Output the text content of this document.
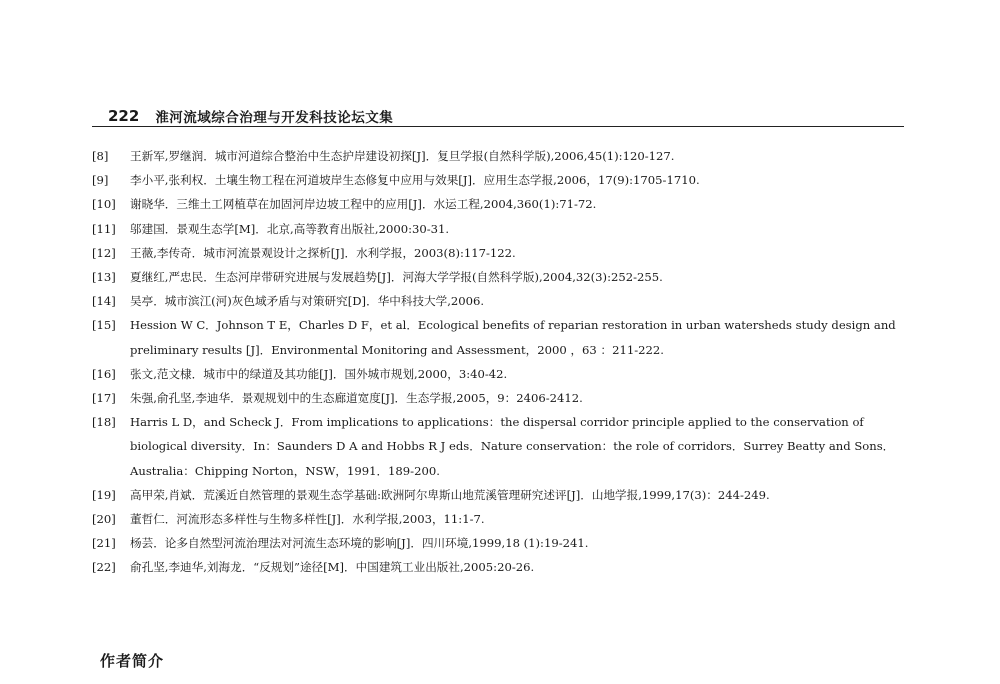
222 淮河流域综合治理与开发科技论坛文集
[8]	王新军,罗继润．城市河道综合整治中生态护岸建设初探[J]．复旦学报(自然科学版),2006,45(1):120-127.
[9]	李小平,张利权．土壤生物工程在河道坡岸生态修复中应用与效果[J]．应用生态学报,2006，17(9):1705-1710.
[10]	谢晓华．三维土工网植草在加固河岸边坡工程中的应用[J]．水运工程,2004,360(1):71-72.
[11]	邬建国．景观生态学[M]．北京,高等教育出版社,2000:30-31.
[12]	王薇,李传奇．城市河流景观设计之探析[J]．水利学报，2003(8):117-122.
[13]	夏继红,严忠民．生态河岸带研究进展与发展趋势[J]．河海大学学报(自然科学版),2004,32(3):252-255.
[14]	吴亭．城市滨江(河)灰色域矛盾与对策研究[D]．华中科技大学,2006.
[15]	Hession W C．Johnson T E，Charles D F，et al．Ecological benefits of reparian restoration in urban watersheds study design and preliminary results [J]．Environmental Monitoring and Assessment，2000 ，63 ：211-222.
[16]	张文,范文棣．城市中的绿道及其功能[J]．国外城市规划,2000，3:40-42.
[17]	朱强,俞孔坚,李迪华．景观规划中的生态廊道宽度[J]．生态学报,2005，9：2406-2412.
[18]	Harris L D，and Scheck J．From implications to applications：the dispersal corridor principle applied to the conservation of biological diversity．In：Saunders D A and Hobbs R J eds．Nature conservation：the role of corridors．Surrey Beatty and Sons．Australia：Chipping Norton，NSW，1991．189-200.
[19]	高甲荣,肖斌．荒溪近自然管理的景观生态学基础:欧洲阿尔卑斯山地荒溪管理研究述评[J]．山地学报,1999,17(3)：244-249.
[20]	董哲仁．河流形态多样性与生物多样性[J]．水利学报,2003，11:1-7.
[21]	杨芸．论多自然型河流治理法对河流生态环境的影响[J]．四川环境,1999,18 (1):19-241.
[22]	俞孔坚,李迪华,刘海龙．“反规划”途径[M]．中国建筑工业出版社,2005:20-26.
作者简介
